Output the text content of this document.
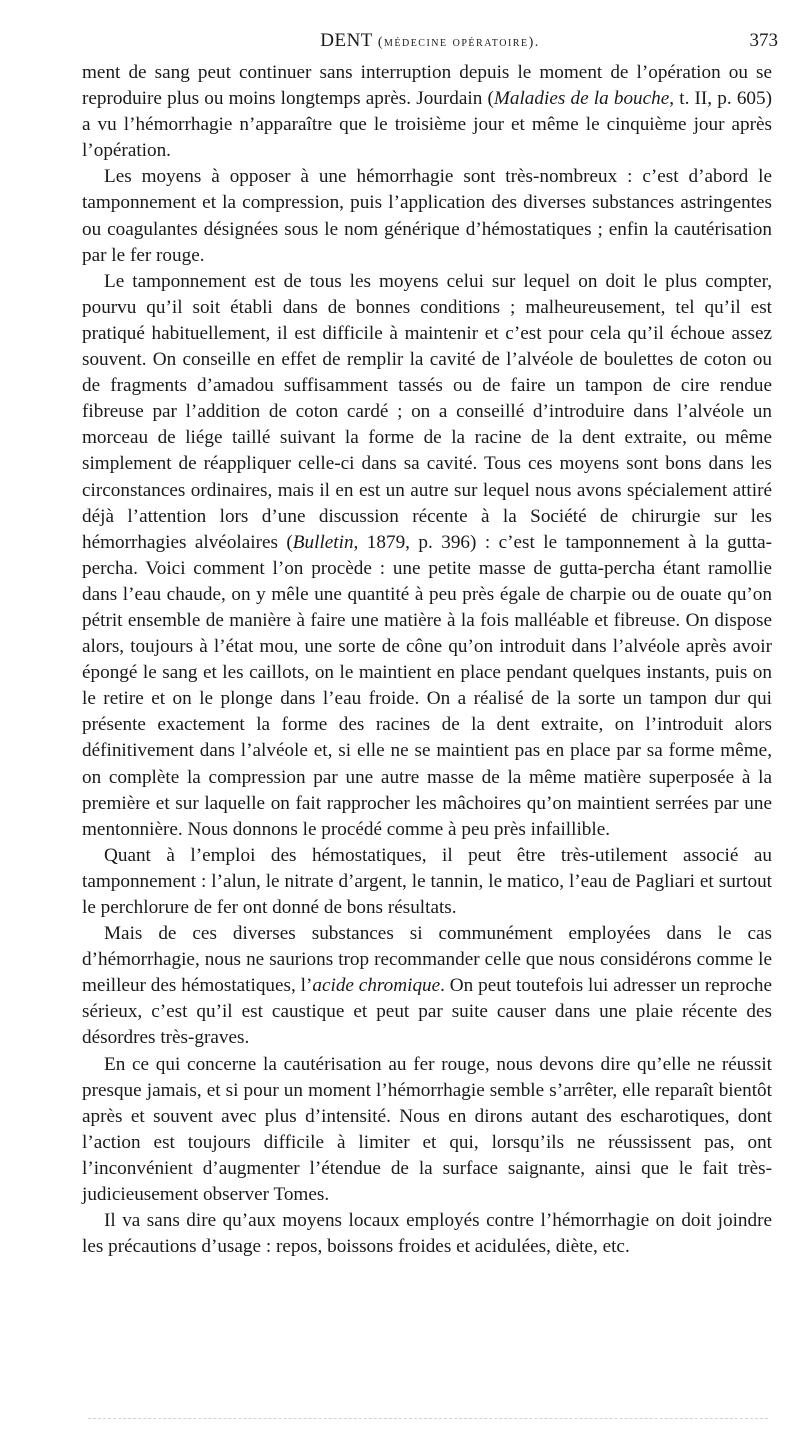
DENT (médecine opératoire).	373

ment de sang peut continuer sans interruption depuis le moment de l’opération ou se reproduire plus ou moins longtemps après. Jourdain (Maladies de la bouche, t. II, p. 605) a vu l’hémorrhagie n’apparaître que le troisième jour et même le cinquième jour après l’opération.

Les moyens à opposer à une hémorrhagie sont très-nombreux : c’est d’abord le tamponnement et la compression, puis l’application des diverses substances astringentes ou coagulantes désignées sous le nom générique d’hémostatiques ; enfin la cautérisation par le fer rouge.

Le tamponnement est de tous les moyens celui sur lequel on doit le plus compter, pourvu qu’il soit établi dans de bonnes conditions ; malheureusement, tel qu’il est pratiqué habituellement, il est difficile à maintenir et c’est pour cela qu’il échoue assez souvent. On conseille en effet de remplir la cavité de l’alvéole de boulettes de coton ou de fragments d’amadou suffisamment tassés ou de faire un tampon de cire rendue fibreuse par l’addition de coton cardé ; on a conseillé d’introduire dans l’alvéole un morceau de liége taillé suivant la forme de la racine de la dent extraite, ou même simplement de réappliquer celle-ci dans sa cavité. Tous ces moyens sont bons dans les circonstances ordinaires, mais il en est un autre sur lequel nous avons spécialement attiré déjà l’attention lors d’une discussion récente à la Société de chirurgie sur les hémorrhagies alvéolaires (Bulletin, 1879, p. 396) : c’est le tamponnement à la gutta-percha. Voici comment l’on procède : une petite masse de gutta-percha étant ramollie dans l’eau chaude, on y mêle une quantité à peu près égale de charpie ou de ouate qu’on pétrit ensemble de manière à faire une matière à la fois malléable et fibreuse. On dispose alors, toujours à l’état mou, une sorte de cône qu’on introduit dans l’alvéole après avoir épongé le sang et les caillots, on le maintient en place pendant quelques instants, puis on le retire et on le plonge dans l’eau froide. On a réalisé de la sorte un tampon dur qui présente exactement la forme des racines de la dent extraite, on l’introduit alors définitivement dans l’alvéole et, si elle ne se maintient pas en place par sa forme même, on complète la compression par une autre masse de la même matière superposée à la première et sur laquelle on fait rapprocher les mâchoires qu’on maintient serrées par une mentonnière. Nous donnons le procédé comme à peu près infaillible.

Quant à l’emploi des hémostatiques, il peut être très-utilement associé au tamponnement : l’alun, le nitrate d’argent, le tannin, le matico, l’eau de Pagliari et surtout le perchlorure de fer ont donné de bons résultats.

Mais de ces diverses substances si communément employées dans le cas d’hémorrhagie, nous ne saurions trop recommander celle que nous considérons comme le meilleur des hémostatiques, l’acide chromique. On peut toutefois lui adresser un reproche sérieux, c’est qu’il est caustique et peut par suite causer dans une plaie récente des désordres très-graves.

En ce qui concerne la cautérisation au fer rouge, nous devons dire qu’elle ne réussit presque jamais, et si pour un moment l’hémorrhagie semble s’arrêter, elle reparaît bientôt après et souvent avec plus d’intensité. Nous en dirons autant des escharotiques, dont l’action est toujours difficile à limiter et qui, lorsqu’ils ne réussissent pas, ont l’inconvénient d’augmenter l’étendue de la surface saignante, ainsi que le fait très-judicieusement observer Tomes.

Il va sans dire qu’aux moyens locaux employés contre l’hémorrhagie on doit joindre les précautions d’usage : repos, boissons froides et acidulées, diète, etc.
